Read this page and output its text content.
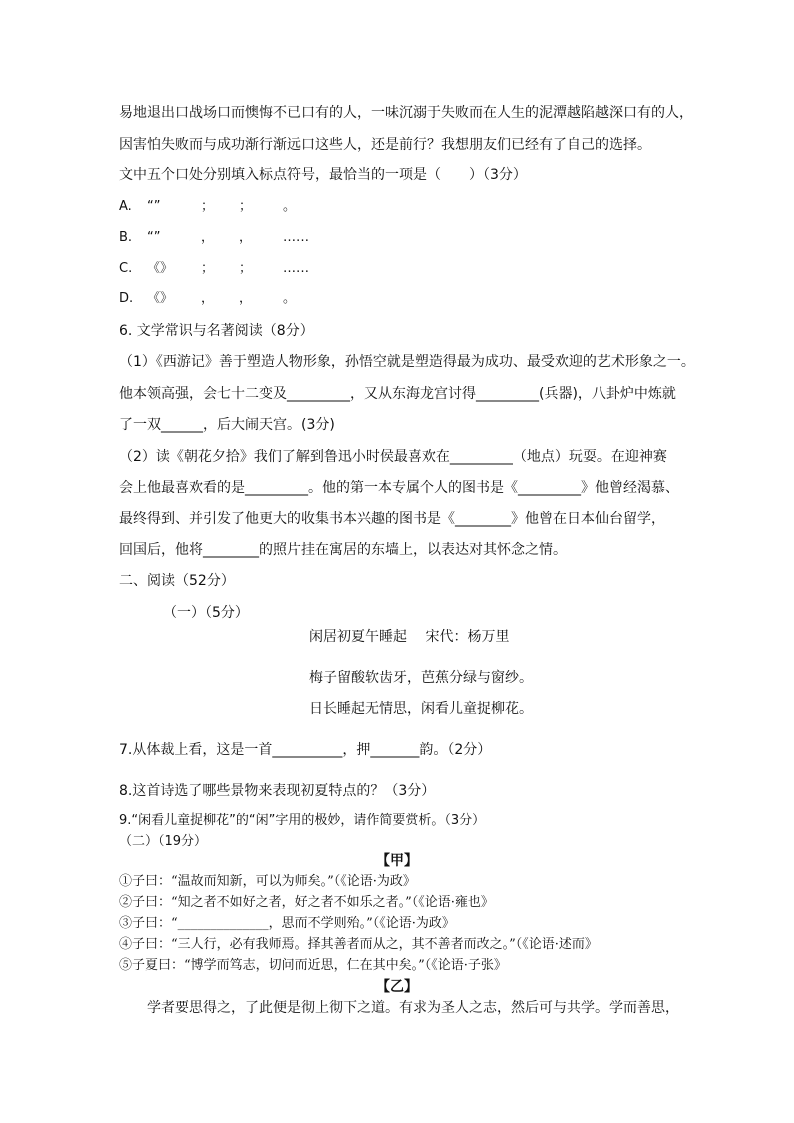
易地退出口战场口而懊悔不已口有的人，一味沉溺于失败而在人生的泥潭越陷越深口有的人，
因害怕失败而与成功渐行渐远口这些人，还是前行？我想朋友们已经有了自己的选择。
文中五个口处分别填入标点符号，最恰当的一项是（　　）（3分）
A. “”	； ； 。
B. “”	， ， ……
C. 《》 ； ； ……
D. 《》 ， ， 。
6. 文学常识与名著阅读（8分）
（1）《西游记》善于塑造人物形象，孙悟空就是塑造得最为成功、最受欢迎的艺术形象之一。
他本领高强，会七十二变及_________，又从东海龙宫讨得_________(兵器)，八卦炉中炼就
了一双______，后大闹天宫。(3分)
（2）读《朝花夕拾》我们了解到鲁迅小时侯最喜欢在_________（地点）玩耍。在迎神赛
会上他最喜欢看的是_________。他的第一本专属个人的图书是《_________》他曾经渴慕、
最终得到、并引发了他更大的收集书本兴趣的图书是《________》他曾在日本仙台留学，
回国后，他将________的照片挂在寓居的东墙上，以表达对其怀念之情。
二、阅读（52分）
（一）（5分）
闲居初夏午睡起　 宋代：杨万里
梅子留酸软齿牙，芭蕉分绿与窗纱。
日长睡起无情思，闲看儿童捉柳花。
7.从体裁上看，这是一首__________，押_______韵。（2分）
8.这首诗选了哪些景物来表现初夏特点的？（3分）
9.“闲看儿童捉柳花”的“闲”字用的极妙，请作简要赏析。（3分）
（二）（19分）
【甲】
①子曰：“温故而知新，可以为师矣。”（《论语·为政》
②子曰：“知之者不如好之者，好之者不如乐之者。”（《论语·雍也》
③子曰：“______________，思而不学则殆。”（《论语·为政》
④子曰：“三人行，必有我师焉。择其善者而从之，其不善者而改之。”（《论语·述而》
⑤子夏曰：“博学而笃志，切问而近思，仁在其中矣。”（《论语·子张》
【乙】
学者要思得之，了此便是彻上彻下之道。有求为圣人之志，然后可与共学。学而善思，
